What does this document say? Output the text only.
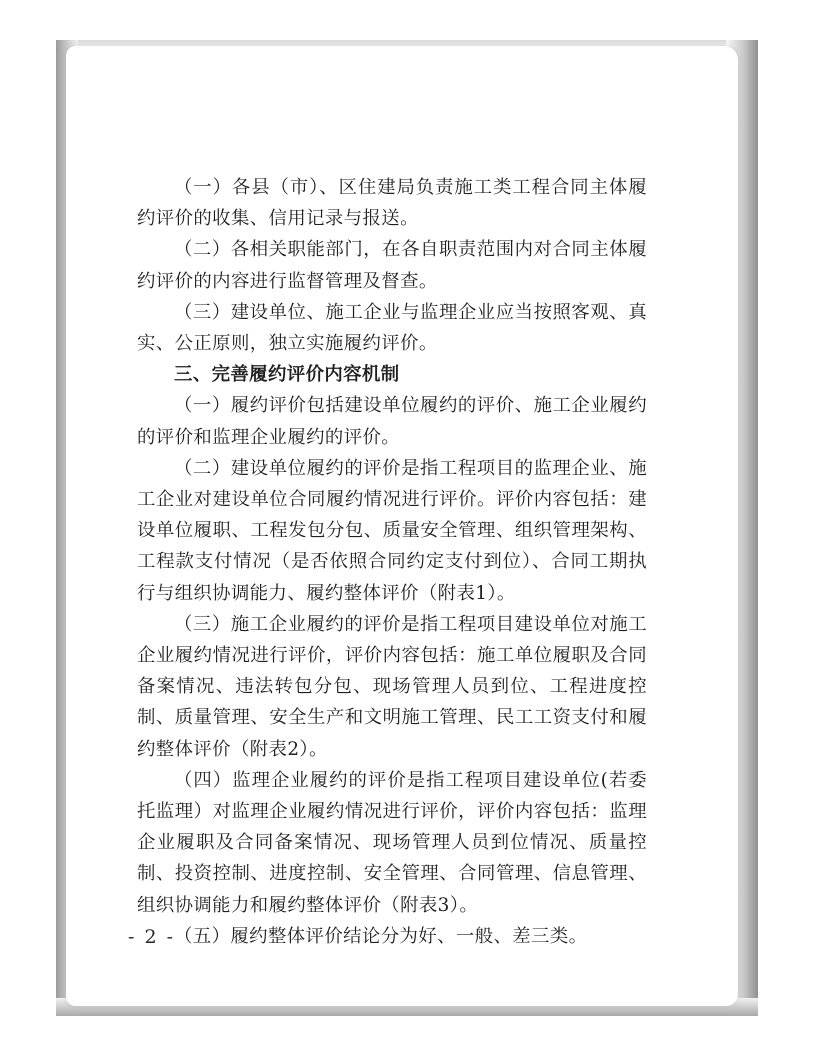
（一）各县（市）、区住建局负责施工类工程合同主体履约评价的收集、信用记录与报送。

（二）各相关职能部门，在各自职责范围内对合同主体履约评价的内容进行监督管理及督查。

（三）建设单位、施工企业与监理企业应当按照客观、真实、公正原则，独立实施履约评价。

三、完善履约评价内容机制

（一）履约评价包括建设单位履约的评价、施工企业履约的评价和监理企业履约的评价。

（二）建设单位履约的评价是指工程项目的监理企业、施工企业对建设单位合同履约情况进行评价。评价内容包括：建设单位履职、工程发包分包、质量安全管理、组织管理架构、工程款支付情况（是否依照合同约定支付到位）、合同工期执行与组织协调能力、履约整体评价（附表1）。

（三）施工企业履约的评价是指工程项目建设单位对施工企业履约情况进行评价，评价内容包括：施工单位履职及合同备案情况、违法转包分包、现场管理人员到位、工程进度控制、质量管理、安全生产和文明施工管理、民工工资支付和履约整体评价（附表2）。

（四）监理企业履约的评价是指工程项目建设单位(若委托监理）对监理企业履约情况进行评价，评价内容包括：监理企业履职及合同备案情况、现场管理人员到位情况、质量控制、投资控制、进度控制、安全管理、合同管理、信息管理、组织协调能力和履约整体评价（附表3）。

（五）履约整体评价结论分为好、一般、差三类。

- 2 -
